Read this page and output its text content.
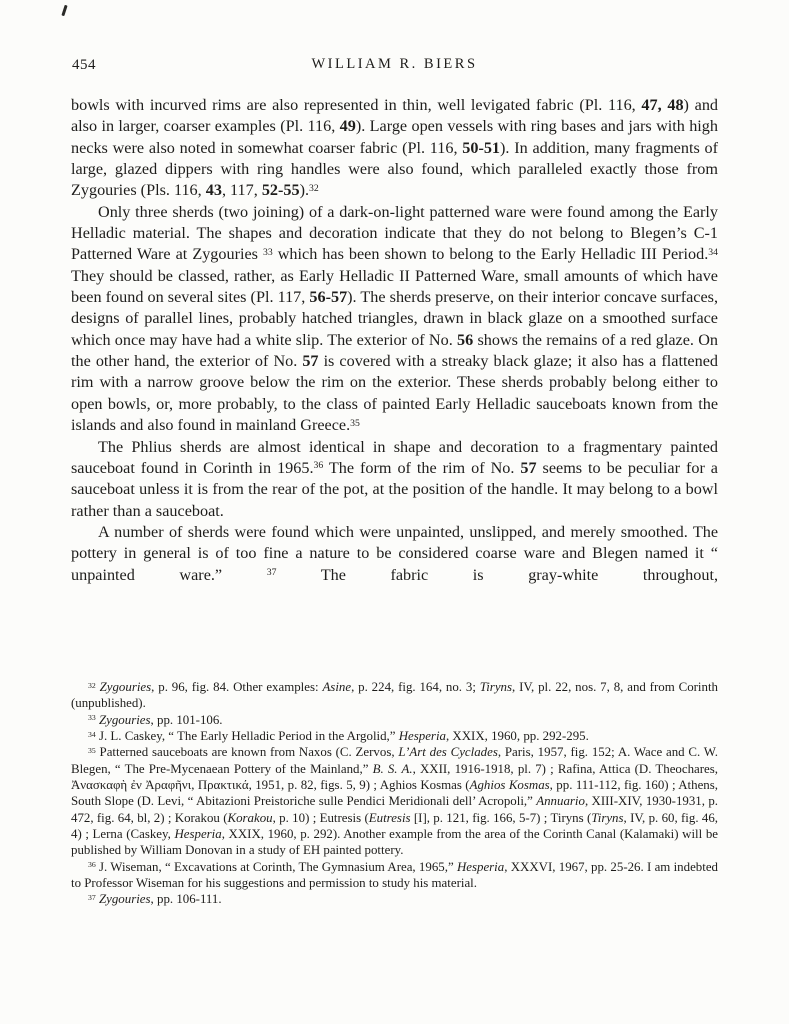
454	WILLIAM R. BIERS

bowls with incurved rims are also represented in thin, well levigated fabric (Pl. 116, 47, 48) and also in larger, coarser examples (Pl. 116, 49). Large open vessels with ring bases and jars with high necks were also noted in somewhat coarser fabric (Pl. 116, 50-51). In addition, many fragments of large, glazed dippers with ring handles were also found, which paralleled exactly those from Zygouries (Pls. 116, 43, 117, 52-55).$^{32}$

Only three sherds (two joining) of a dark-on-light patterned ware were found among the Early Helladic material. The shapes and decoration indicate that they do not belong to Blegen’s C-1 Patterned Ware at Zygouries $^{33}$ which has been shown to belong to the Early Helladic III Period.$^{34}$ They should be classed, rather, as Early Helladic II Patterned Ware, small amounts of which have been found on several sites (Pl. 117, 56-57). The sherds preserve, on their interior concave surfaces, designs of parallel lines, probably hatched triangles, drawn in black glaze on a smoothed surface which once may have had a white slip. The exterior of No. 56 shows the remains of a red glaze. On the other hand, the exterior of No. 57 is covered with a streaky black glaze; it also has a flattened rim with a narrow groove below the rim on the exterior. These sherds probably belong either to open bowls, or, more probably, to the class of painted Early Helladic sauceboats known from the islands and also found in mainland Greece.$^{35}$

The Phlius sherds are almost identical in shape and decoration to a fragmentary painted sauceboat found in Corinth in 1965.36 The form of the rim of No. 57 seems to be peculiar for a sauceboat unless it is from the rear of the pot, at the position of the handle. It may belong to a bowl rather than a sauceboat.

A number of sherds were found which were unpainted, unslipped, and merely smoothed. The pottery in general is of too fine a nature to be considered coarse ware and Blegen named it “ unpainted ware.” $^{37}$ The fabric is gray-white throughout,

$^{32}$ Zygouries, p. 96, fig. 84. Other examples: Asine, p. 224, fig. 164, no. 3; Tiryns, IV, pl. 22, nos. 7, 8, and from Corinth (unpublished).

$^{33}$ Zygouries, pp. 101-106.

$^{34}$ J. L. Caskey, “ The Early Helladic Period in the Argolid,” Hesperia, XXIX, 1960, pp. 292-295.

$^{35}$ Patterned sauceboats are known from Naxos (C. Zervos, L’Art des Cyclades, Paris, 1957, fig. 152; A. Wace and C. W. Blegen, “ The Pre-Mycenaean Pottery of the Mainland,” B. S. A., XXII, 1916-1918, pl. 7) ; Rafina, Attica (D. Theochares, Ἀνασκαφὴ ἐν Ἀραφῆνι, Πρακτικά, 1951, p. 82, figs. 5, 9) ; Aghios Kosmas (Aghios Kosmas, pp. 111-112, fig. 160) ; Athens, South Slope (D. Levi, “ Abitazioni Preistoriche sulle Pendici Meridionali dell’ Acropoli,” Annuario, XIII-XIV, 1930-1931, p. 472, fig. 64, bl, 2) ; Korakou (Korakou, p. 10) ; Eutresis (Eutresis [I], p. 121, fig. 166, 5-7) ; Tiryns (Tiryns, IV, p. 60, fig. 46, 4) ; Lerna (Caskey, Hesperia, XXIX, 1960, p. 292). Another example from the area of the Corinth Canal (Kalamaki) will be published by William Donovan in a study of EH painted pottery.

$^{36}$ J. Wiseman, “ Excavations at Corinth, The Gymnasium Area, 1965,” Hesperia, XXXVI, 1967, pp. 25-26. I am indebted to Professor Wiseman for his suggestions and permission to study his material.

$^{37}$ Zygouries, pp. 106-111.
